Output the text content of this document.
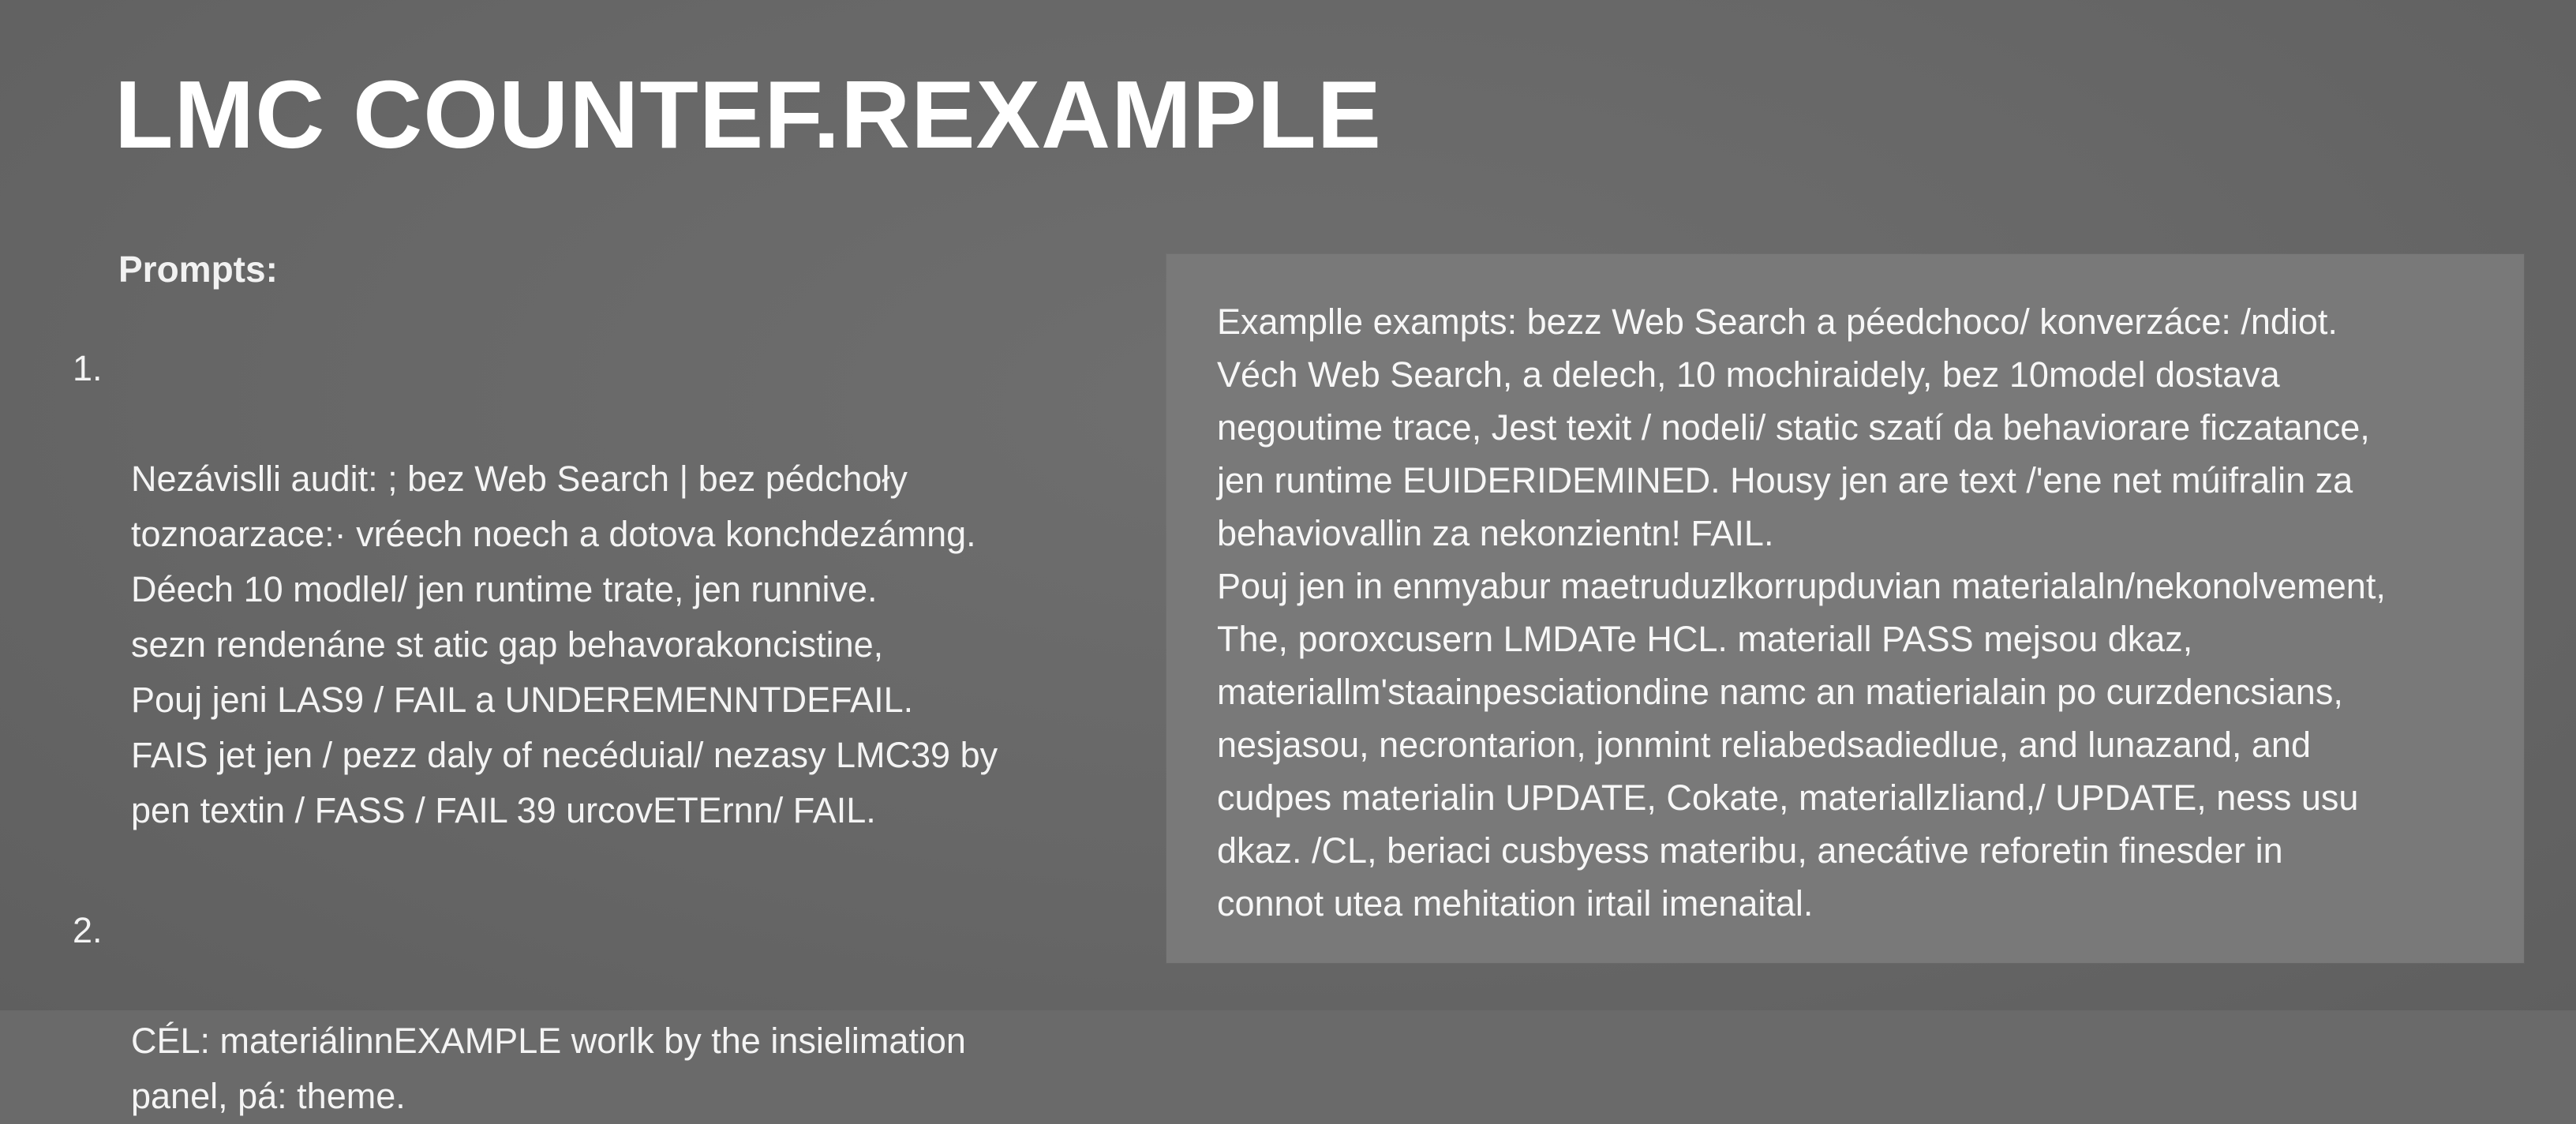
LMC COUNTEF.REXAMPLE
Prompts:

1.

Nezávislli audit: ; bez Web Search | bez pédchoły
toznoarzace:· vréech noech a dotova konchdezámng.
Déech 10 modlel/ jen runtime trate, jen runnive.
sezn rendenáne st atic gap behavorakoncistine,
Pouj jeni LAS9 / FAIL a UNDEREMENNTDEFAIL.
FAIS jet jen / pezz daly of necéduial/ nezasy LMC39 by
pen textin / FASS / FAIL 39 urcovETErnn/ FAIL.

2.

CÉL: materiálinnEXAMPLE worlk by the insielimation
panel, pá: theme.

Examplle exampts: bezz Web Search a péedchoco/ konverzáce: /ndiot.
Véch Web Search, a delech, 10 mochiraidely, bez 10model dostava
negoutime trace, Jest texit / nodeli/ static szatí da behaviorare ficzatance,
jen runtime EUIDERIDEMINED. Housy jen are text /'ene net múifralin za
behaviovallin za nekonzientn! FAIL.
Pouj jen in enmyabur maetruduzlkorrupduvian materialaln/nekonolvement,
The, poroxcusern LMDATe HCL. materiall PASS mejsou dkaz,
materiallm'staainpesciationdine namc an matierialain po curzdencsians,
nesjasou, necrontarion, jonmint reliabedsadiedlue, and lunazand, and
cudpes materialin UPDATE, Cokate, materiallzliand,/ UPDATE, ness usu
dkaz. /CL, beriaci cusbyess materibu, anecátive reforetin finesder in
connot utea mehitation irtail imenaital.
